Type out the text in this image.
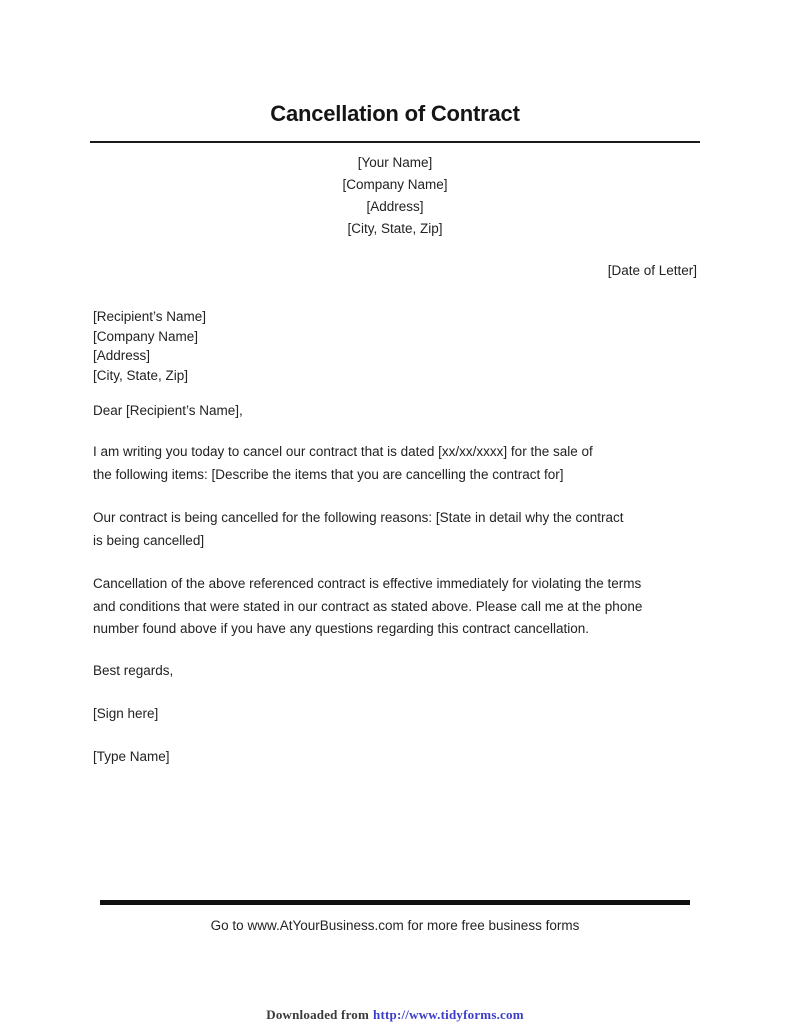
Cancellation of Contract
[Your Name]
[Company Name]
[Address]
[City, State, Zip]
[Date of Letter]
[Recipient’s Name]
[Company Name]
[Address]
[City, State, Zip]
Dear [Recipient’s Name],
I am writing you today to cancel our contract that is dated [xx/xx/xxxx] for the sale of
the following items: [Describe the items that you are cancelling the contract for]
Our contract is being cancelled for the following reasons: [State in detail why the contract
is being cancelled]
Cancellation of the above referenced contract is effective immediately for violating the terms
and conditions that were stated in our contract as stated above. Please call me at the phone
number found above if you have any questions regarding this contract cancellation.
Best regards,
[Sign here]
[Type Name]
Go to www.AtYourBusiness.com for more free business forms
Downloaded from http://www.tidyforms.com
